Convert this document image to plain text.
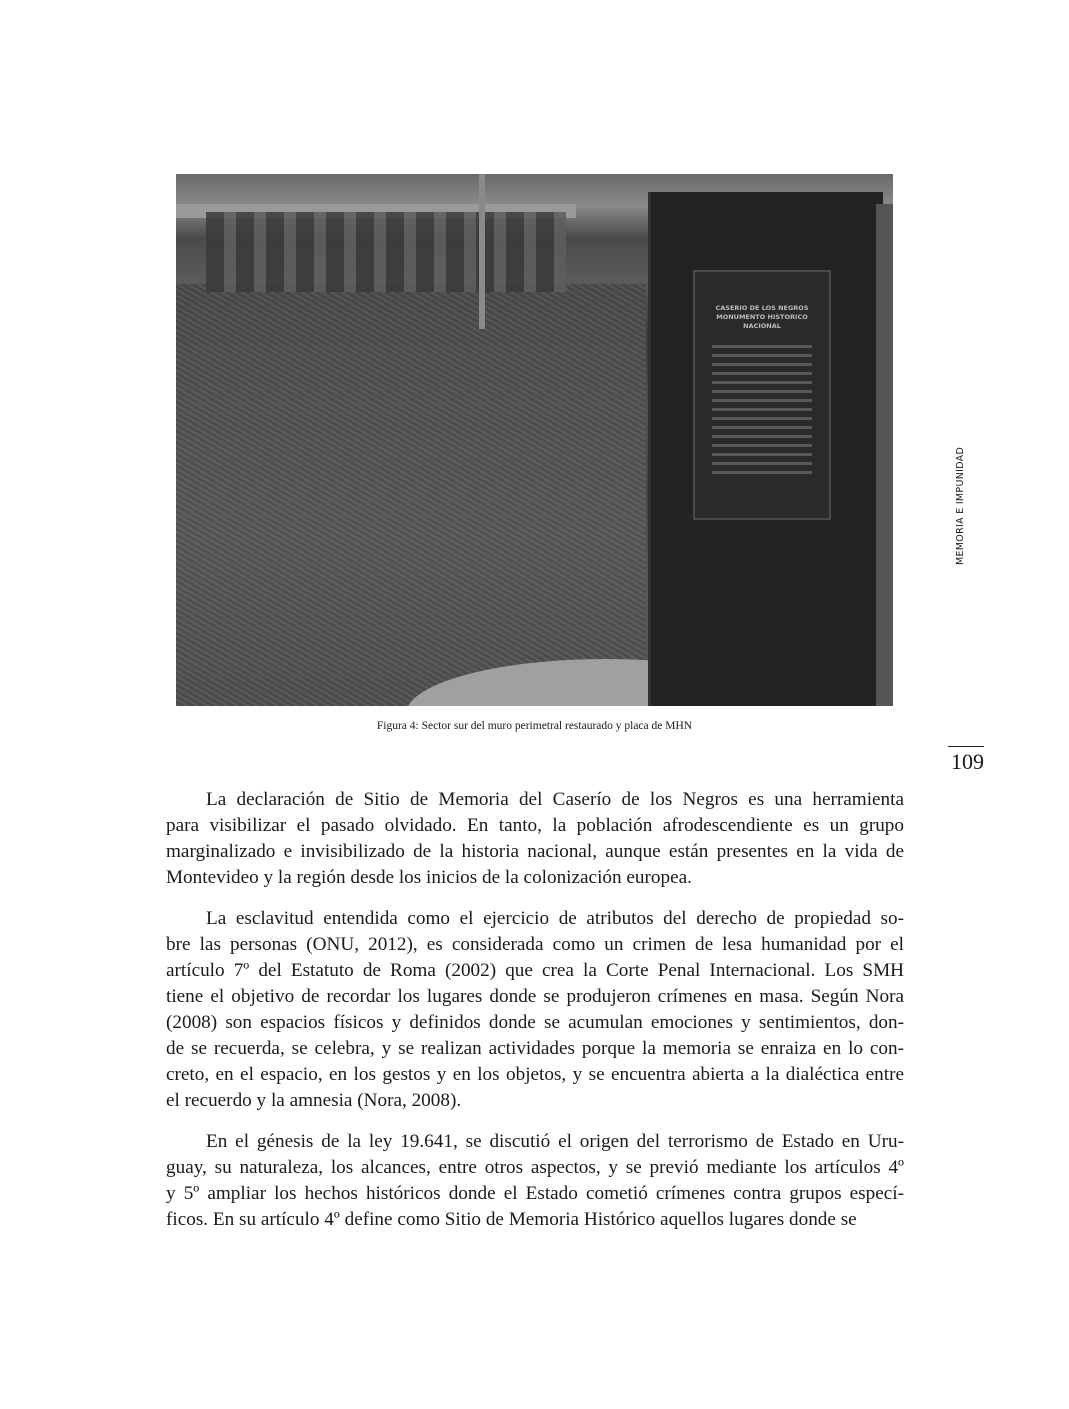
CASERIO DE LOS NEGROS
MONUMENTO HISTORICO
NACIONAL
Figura 4: Sector sur del muro perimetral restaurado y placa de MHN
109
MEMORIA E IMPUNIDAD
La declaración de Sitio de Memoria del Caserío de los Negros es una herramienta
para visibilizar el pasado olvidado. En tanto, la población afrodescendiente es un grupo
marginalizado e invisibilizado de la historia nacional, aunque están presentes en la vida de
Montevideo y la región desde los inicios de la colonización europea.
La esclavitud entendida como el ejercicio de atributos del derecho de propiedad so-
bre las personas (ONU, 2012), es considerada como un crimen de lesa humanidad por el
artículo 7º del Estatuto de Roma (2002) que crea la Corte Penal Internacional. Los SMH
tiene el objetivo de recordar los lugares donde se produjeron crímenes en masa. Según Nora
(2008) son espacios físicos y definidos donde se acumulan emociones y sentimientos, don-
de se recuerda, se celebra, y se realizan actividades porque la memoria se enraiza en lo con-
creto, en el espacio, en los gestos y en los objetos, y se encuentra abierta a la dialéctica entre
el recuerdo y la amnesia (Nora, 2008).
En el génesis de la ley 19.641, se discutió el origen del terrorismo de Estado en Uru-
guay, su naturaleza, los alcances, entre otros aspectos, y se previó mediante los artículos 4º
y 5º ampliar los hechos históricos donde el Estado cometió crímenes contra grupos especí-
ficos. En su artículo 4º define como Sitio de Memoria Histórico aquellos lugares donde se
